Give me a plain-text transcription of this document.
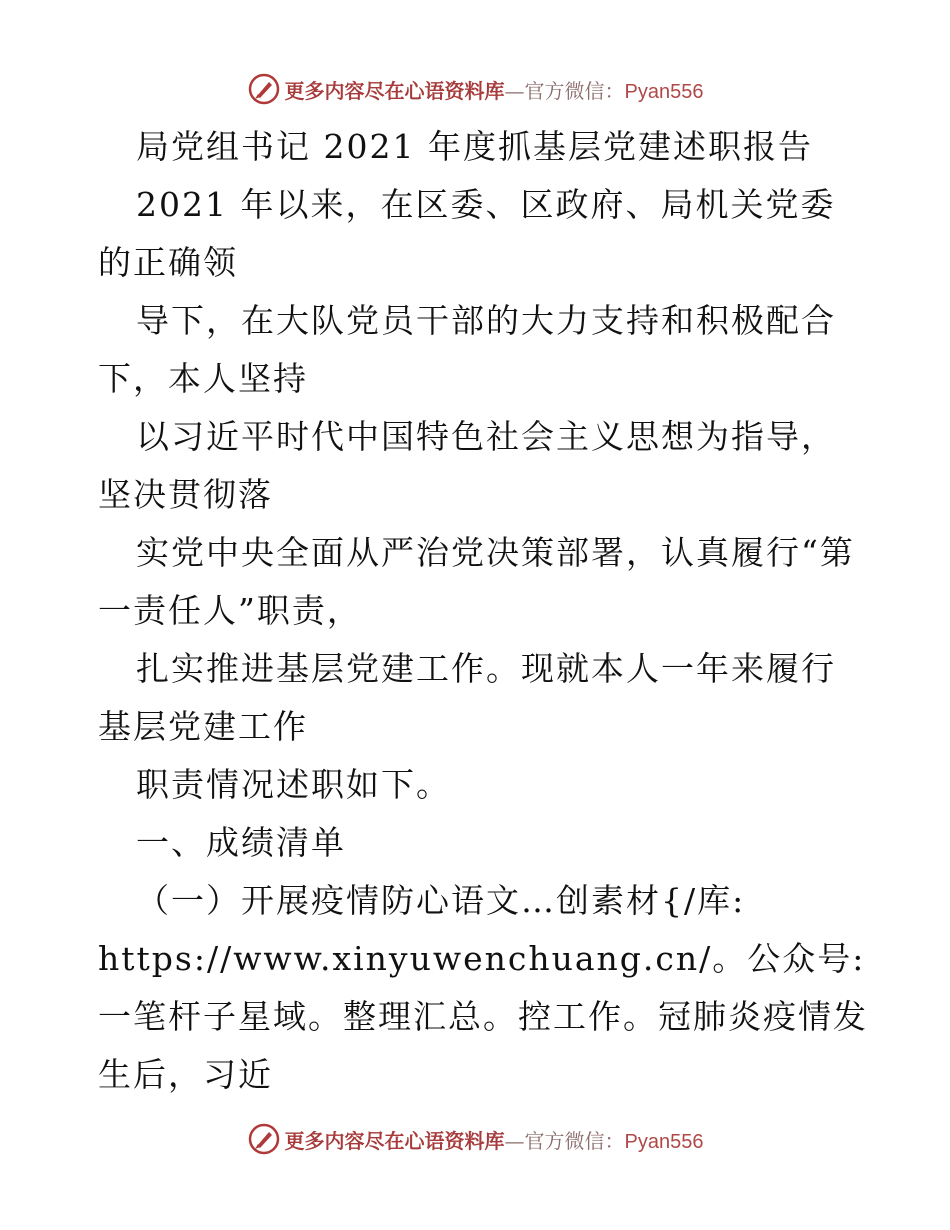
更多内容尽在心语资料库—官方微信：Pyan556

局党组书记 2021 年度抓基层党建述职报告

2021 年以来，在区委、区政府、局机关党委的正确领

导下，在大队党员干部的大力支持和积极配合下，本人坚持

以习近平时代中国特色社会主义思想为指导，坚决贯彻落

实党中央全面从严治党决策部署，认真履行“第一责任人”职责，

扎实推进基层党建工作。现就本人一年来履行基层党建工作

职责情况述职如下。

一、成绩清单

（一）开展疫情防心语文…创素材{/库: https://www.xinyuwenchuang.cn/。公众号: 一笔杆子星域。整理汇总。控工作。冠肺炎疫情发生后，习近

更多内容尽在心语资料库—官方微信：Pyan556
